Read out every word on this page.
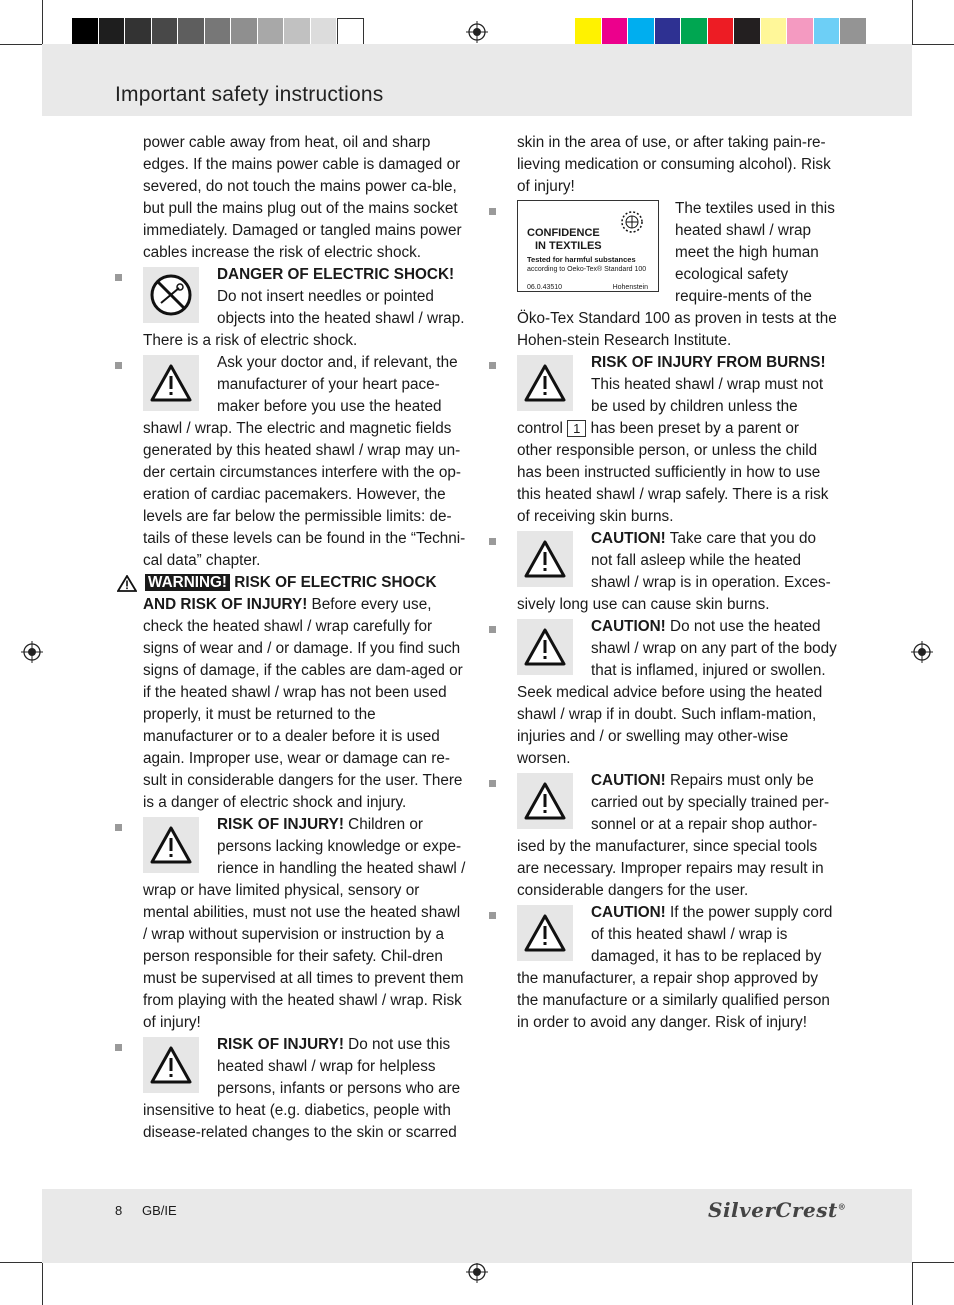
Important safety instructions

power cable away from heat, oil and sharp edges. If the mains power cable is damaged or severed, do not touch the mains power ca-ble, but pull the mains plug out of the mains socket immediately. Damaged or tangled mains power cables increase the risk of electric shock.

DANGER OF ELECTRIC SHOCK! Do not insert needles or pointed objects into the heated shawl / wrap. There is a risk of electric shock.

Ask your doctor and, if relevant, the manufacturer of your heart pace-maker before you use the heated shawl / wrap. The electric and magnetic fields generated by this heated shawl / wrap may un-der certain circumstances interfere with the op-eration of cardiac pacemakers. However, the levels are far below the permissible limits: de-tails of these levels can be found in the “Techni-cal data” chapter.

WARNING! RISK OF ELECTRIC SHOCK AND RISK OF INJURY! Before every use, check the heated shawl / wrap carefully for signs of wear and / or damage. If you find such signs of damage, if the cables are dam-aged or if the heated shawl / wrap has not been used properly, it must be returned to the manufacturer or to a dealer before it is used again. Improper use, wear or damage can re-sult in considerable dangers for the user. There is a danger of electric shock and injury.

RISK OF INJURY! Children or persons lacking knowledge or expe-rience in handling the heated shawl / wrap or have limited physical, sensory or mental abilities, must not use the heated shawl / wrap without supervision or instruction by a person responsible for their safety. Chil-dren must be supervised at all times to prevent them from playing with the heated shawl / wrap. Risk of injury!

RISK OF INJURY! Do not use this heated shawl / wrap for helpless persons, infants or persons who are insensitive to heat (e.g. diabetics, people with disease-related changes to the skin or scarred

skin in the area of use, or after taking pain-re-lieving medication or consuming alcohol). Risk of injury!

CONFIDENCE
IN TEXTILES
Tested for harmful substances
according to Oeko-Tex® Standard 100
06.0.43510	Hohenstein

The textiles used in this heated shawl / wrap meet the high human ecological safety require-ments of the Öko-Tex Standard 100 as proven in tests at the Hohen-stein Research Institute.

RISK OF INJURY FROM BURNS! This heated shawl / wrap must not be used by children unless the control 1 has been preset by a parent or other responsible person, or unless the child has been instructed sufficiently in how to use this heated shawl / wrap safely. There is a risk of receiving skin burns.

CAUTION! Take care that you do not fall asleep while the heated shawl / wrap is in operation. Exces-sively long use can cause skin burns.

CAUTION! Do not use the heated shawl / wrap on any part of the body that is inflamed, injured or swollen. Seek medical advice before using the heated shawl / wrap if in doubt. Such inflam-mation, injuries and / or swelling may other-wise worsen.

CAUTION! Repairs must only be carried out by specially trained per-sonnel or at a repair shop author-ised by the manufacturer, since special tools are necessary. Improper repairs may result in considerable dangers for the user.

CAUTION! If the power supply cord of this heated shawl / wrap is damaged, it has to be replaced by the manufacturer, a repair shop approved by the manufacture or a similarly qualified person in order to avoid any danger. Risk of injury!

8 GB/IE	SilverCrest®
